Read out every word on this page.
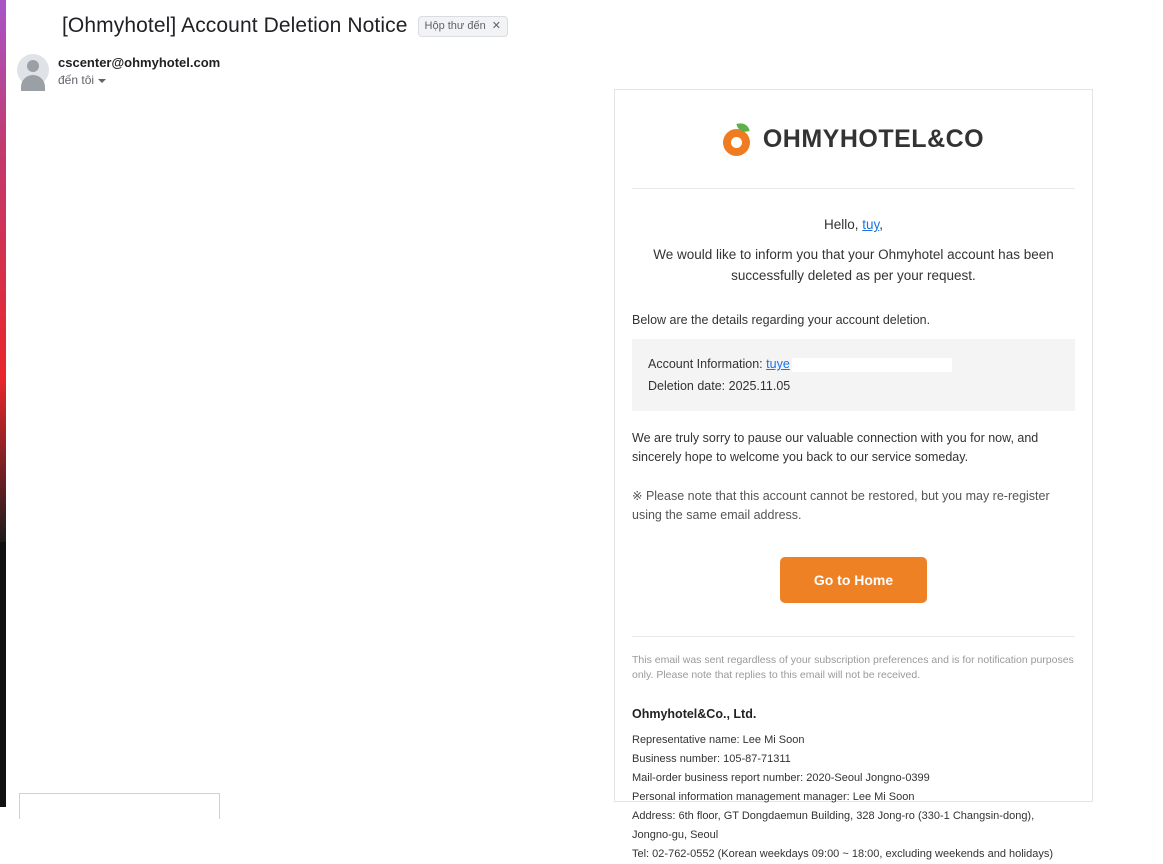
[Ohmyhotel] Account Deletion Notice Hộp thư đến ✕
cscenter@ohmyhotel.com
đến tôi
OHMYHOTEL&CO
Hello, tuy,
We would like to inform you that your Ohmyhotel account has been successfully deleted as per your request.
Below are the details regarding your account deletion.
Account Information: tuye
Deletion date: 2025.11.05
We are truly sorry to pause our valuable connection with you for now, and sincerely hope to welcome you back to our service someday.
※ Please note that this account cannot be restored, but you may re-register using the same email address.
Go to Home
This email was sent regardless of your subscription preferences and is for notification purposes only. Please note that replies to this email will not be received.
Ohmyhotel&Co., Ltd.
Representative name: Lee Mi Soon
Business number: 105-87-71311
Mail-order business report number: 2020-Seoul Jongno-0399
Personal information management manager: Lee Mi Soon
Address: 6th floor, GT Dongdaemun Building, 328 Jong-ro (330-1 Changsin-dong), Jongno-gu, Seoul
Tel: 02-762-0552 (Korean weekdays 09:00 ~ 18:00, excluding weekends and holidays)
